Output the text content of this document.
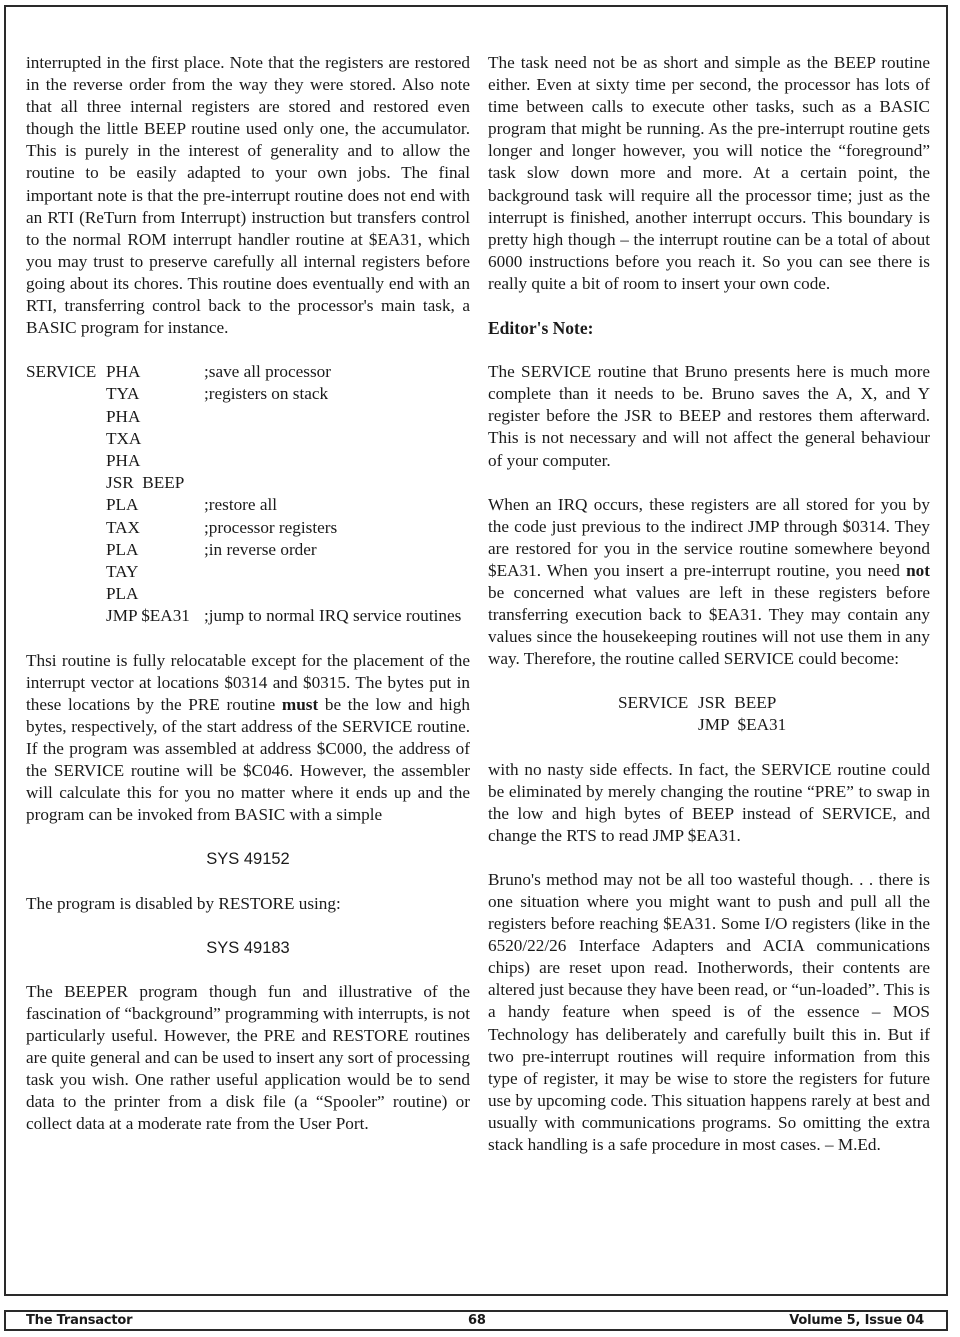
interrupted in the first place. Note that the registers are restored in the reverse order from the way they were stored. Also note that all three internal registers are stored and restored even though the little BEEP routine used only one, the accumulator. This is purely in the interest of generality and to allow the routine to be easily adapted to your own jobs. The final important note is that the pre-interrupt routine does not end with an RTI (ReTurn from Interrupt) instruction but transfers control to the normal ROM interrupt handler routine at $EA31, which you may trust to preserve carefully all internal registers before going about its chores. This routine does eventually end with an RTI, transferring control back to the processor's main task, a BASIC program for instance.

SERVICE PHA	;save all processor
TYA	;registers on stack
PHA
TXA
PHA
JSR  BEEP
PLA	;restore all
TAX	;processor registers
PLA	;in reverse order
TAY
PLA
JMP $EA31 ;jump to normal IRQ service routines

Thsi routine is fully relocatable except for the placement of the interrupt vector at locations $0314 and $0315. The bytes put in these locations by the PRE routine must be the low and high bytes, respectively, of the start address of the SERVICE routine. If the program was assembled at address $C000, the address of the SERVICE routine will be $C046. However, the assembler will calculate this for you no matter where it ends up and the program can be invoked from BASIC with a simple

SYS 49152

The program is disabled by RESTORE using:

SYS 49183

The BEEPER program though fun and illustrative of the fascination of “background” programming with interrupts, is not particularly useful. However, the PRE and RESTORE routines are quite general and can be used to insert any sort of processing task you wish. One rather useful application would be to send data to the printer from a disk file (a “Spooler” routine) or collect data at a moderate rate from the User Port.

The task need not be as short and simple as the BEEP routine either. Even at sixty time per second, the processor has lots of time between calls to execute other tasks, such as a BASIC program that might be running. As the pre-interrupt routine gets longer and longer however, you will notice the “foreground” task slow down more and more. At a certain point, the background task will require all the processor time; just as the interrupt is finished, another interrupt occurs. This boundary is pretty high though – the interrupt routine can be a total of about 6000 instructions before you reach it. So you can see there is really quite a bit of room to insert your own code.

Editor's Note:

The SERVICE routine that Bruno presents here is much more complete than it needs to be. Bruno saves the A, X, and Y register before the JSR to BEEP and restores them afterward. This is not necessary and will not affect the general behaviour of your computer.

When an IRQ occurs, these registers are all stored for you by the code just previous to the indirect JMP through $0314. They are restored for you in the service routine somewhere beyond $EA31. When you insert a pre-interrupt routine, you need not be concerned what values are left in these registers before transferring execution back to $EA31. They may contain any values since the housekeeping routines will not use them in any way. Therefore, the routine called SERVICE could become:

SERVICE JSR  BEEP
JMP  $EA31

with no nasty side effects. In fact, the SERVICE routine could be eliminated by merely changing the routine “PRE” to swap in the low and high bytes of BEEP instead of SERVICE, and change the RTS to read JMP $EA31.

Bruno's method may not be all too wasteful though. . . there is one situation where you might want to push and pull all the registers before reaching $EA31. Some I/O registers (like in the 6520/22/26 Interface Adapters and ACIA communications chips) are reset upon read. Inotherwords, their contents are altered just because they have been read, or “un-loaded”. This is a handy feature when speed is of the essence – MOS Technology has deliberately and carefully built this in. But if two pre-interrupt routines will require information from this type of register, it may be wise to store the registers for future use by upcoming code. This situation happens rarely at best and usually with communications programs. So omitting the extra stack handling is a safe procedure in most cases. – M.Ed.

The Transactor	68	Volume 5, Issue 04
